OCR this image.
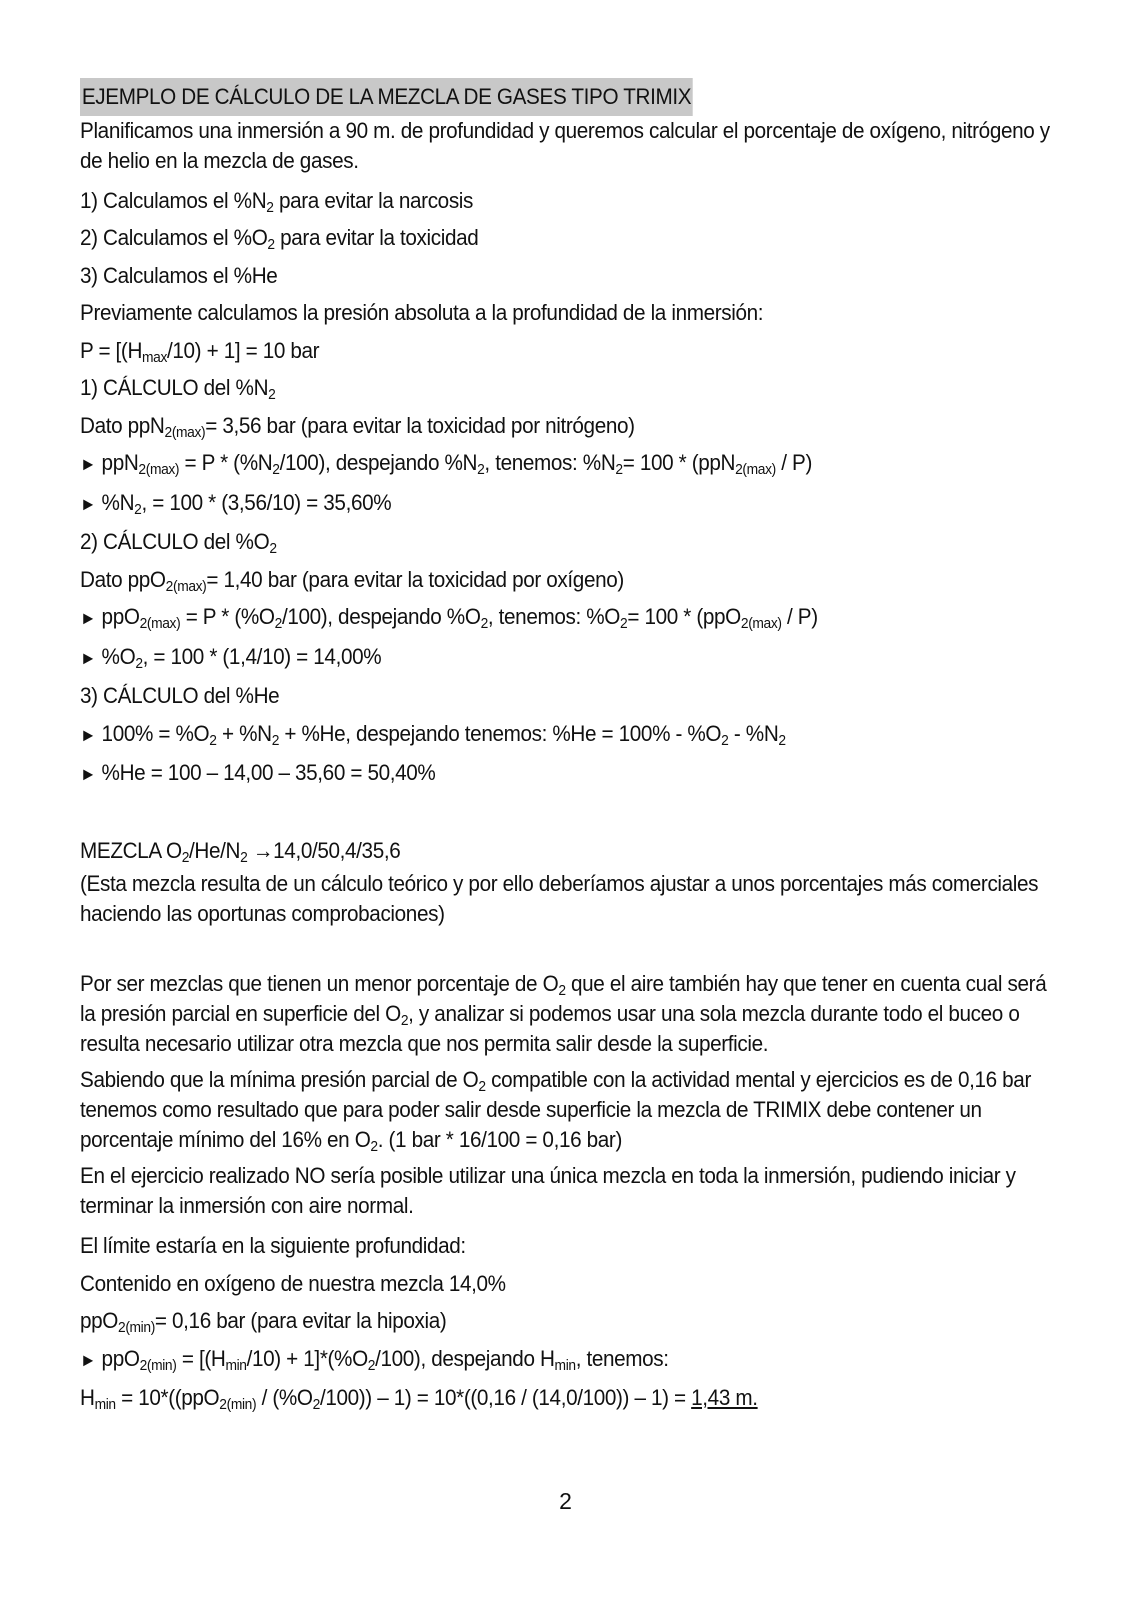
EJEMPLO DE CÁLCULO DE LA MEZCLA DE GASES TIPO TRIMIX
Planificamos una inmersión a 90 m. de profundidad y queremos calcular el porcentaje de oxígeno, nitrógeno y de helio en la mezcla de gases.
1) Calculamos el $\%N_2$ para evitar la narcosis
2) Calculamos el $\%O_2$ para evitar la toxicidad
3) Calculamos el %He
Previamente calculamos la presión absoluta a la profundidad de la inmersión:
$P = [(H_{max}/10) + 1] = 10$ bar
1) CÁLCULO del $\%N_2$
Dato ppN$_{2(max)}$= 3,56 bar (para evitar la toxicidad por nitrógeno)
► $ppN_{2(max)} = P * (\%N_2/100)$, despejando $\%N_2$, tenemos: $\%N_2= 100 * (ppN_{2(max)} / P)$
► $\%N_2$, = 100 * (3,56/10) = 35,60%
2) CÁLCULO del $\%O_2$
Dato ppO$_{2(max)}$= 1,40 bar (para evitar la toxicidad por oxígeno)
► $ppO_{2(max)} = P * (\%O_2/100)$, despejando $\%O_2$, tenemos: $\%O_2= 100 * (ppO_{2(max)} / P)$
► $\%O_2$, = 100 * (1,4/10) = 14,00%
3) CÁLCULO del %He
► $100\% = \%O_2 + \%N_2 + \%He$, despejando tenemos: $\%He = 100\% - \%O_2 - \%N_2$
► %He = 100 – 14,00 – 35,60 = 50,40%
MEZCLA $O_2/He/N_2 \to 14,0/50,4/35,6$
(Esta mezcla resulta de un cálculo teórico y por ello deberíamos ajustar a unos porcentajes más comerciales haciendo las oportunas comprobaciones)
Por ser mezclas que tienen un menor porcentaje de $O_2$ que el aire también hay que tener en cuenta cual será la presión parcial en superficie del $O_2$, y analizar si podemos usar una sola mezcla durante todo el buceo o resulta necesario utilizar otra mezcla que nos permita salir desde la superficie.
Sabiendo que la mínima presión parcial de $O_2$ compatible con la actividad mental y ejercicios es de 0,16 bar tenemos como resultado que para poder salir desde superficie la mezcla de TRIMIX debe contener un porcentaje mínimo del 16% en $O_2$. (1 bar * 16/100 = 0,16 bar)
En el ejercicio realizado NO sería posible utilizar una única mezcla en toda la inmersión, pudiendo iniciar y terminar la inmersión con aire normal.
El límite estaría en la siguiente profundidad:
Contenido en oxígeno de nuestra mezcla 14,0%
ppO$_{2(min)}$= 0,16 bar (para evitar la hipoxia)
► $ppO_{2(min)} = [(H_{min}/10) + 1]*(\%O_2/100)$, despejando $H_{min}$, tenemos:
$H_{min} = 10*((ppO_{2(min)} / (\%O_2/100)) - 1) = 10*((0,16 / (14,0/100)) - 1) = 1,43$ m.
2
